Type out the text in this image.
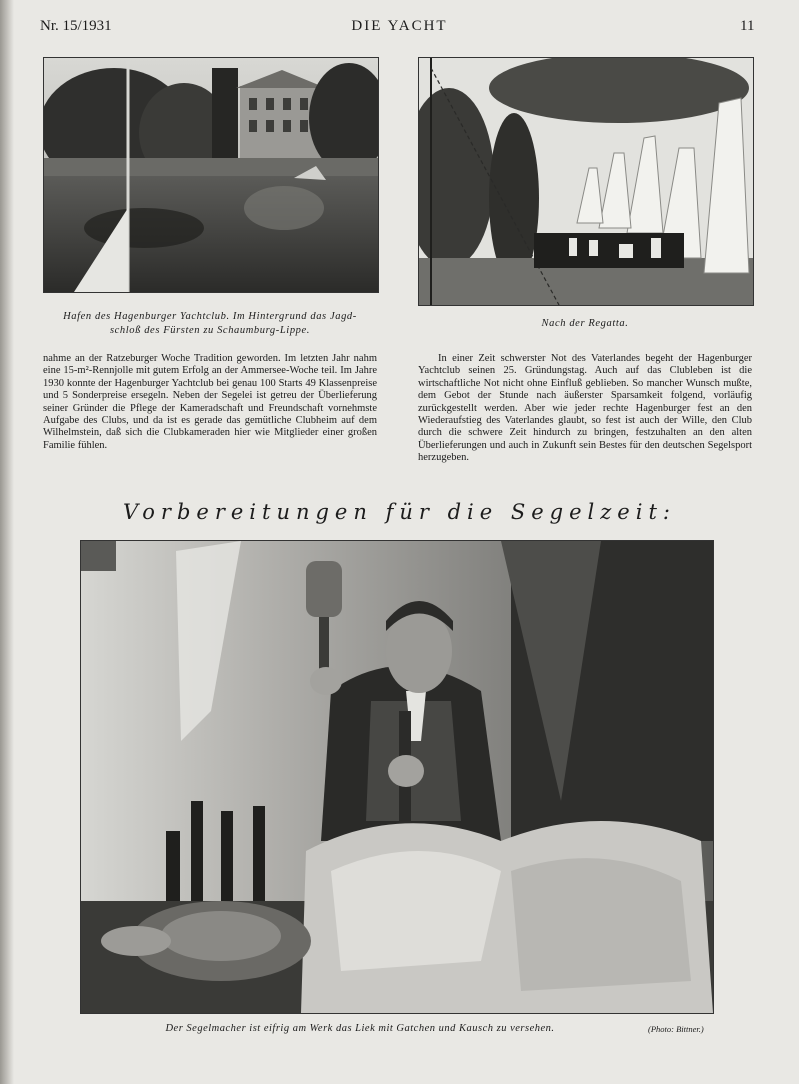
Nr. 15/1931	DIE YACHT	11
Hafen des Hagenburger Yachtclub. Im Hintergrund das Jagd-
schloß des Fürsten zu Schaumburg-Lippe.
Nach der Regatta.

nahme an der Ratzeburger Woche Tradition geworden. Im letzten Jahr nahm eine 15-m²-Rennjolle mit gutem Erfolg an der Ammersee-Woche teil. Im Jahre 1930 konnte der Hagenburger Yachtclub bei genau 100 Starts 49 Klassenpreise und 5 Sonderpreise ersegeln. Neben der Segelei ist getreu der Überlieferung seiner Gründer die Pflege der Kameradschaft und Freundschaft vornehmste Aufgabe des Clubs, und da ist es gerade das gemütliche Clubheim auf dem Wilhelmstein, daß sich die Clubkameraden hier wie Mitglieder einer großen Familie fühlen.

In einer Zeit schwerster Not des Vaterlandes begeht der Hagenburger Yachtclub seinen 25. Gründungstag. Auch auf das Clubleben ist die wirtschaftliche Not nicht ohne Einfluß geblieben. So mancher Wunsch mußte, dem Gebot der Stunde nach äußerster Sparsamkeit folgend, vorläufig zurückgestellt werden. Aber wie jeder rechte Hagenburger fest an den Wiederaufstieg des Vaterlandes glaubt, so fest ist auch der Wille, den Club durch die schwere Zeit hindurch zu bringen, festzuhalten an den alten Überlieferungen und auch in Zukunft sein Bestes für den deutschen Segelsport herzugeben.

Vorbereitungen für die Segelzeit:
Der Segelmacher ist eifrig am Werk das Liek mit Gatchen und Kausch zu versehen.	(Photo: Bittner.)
